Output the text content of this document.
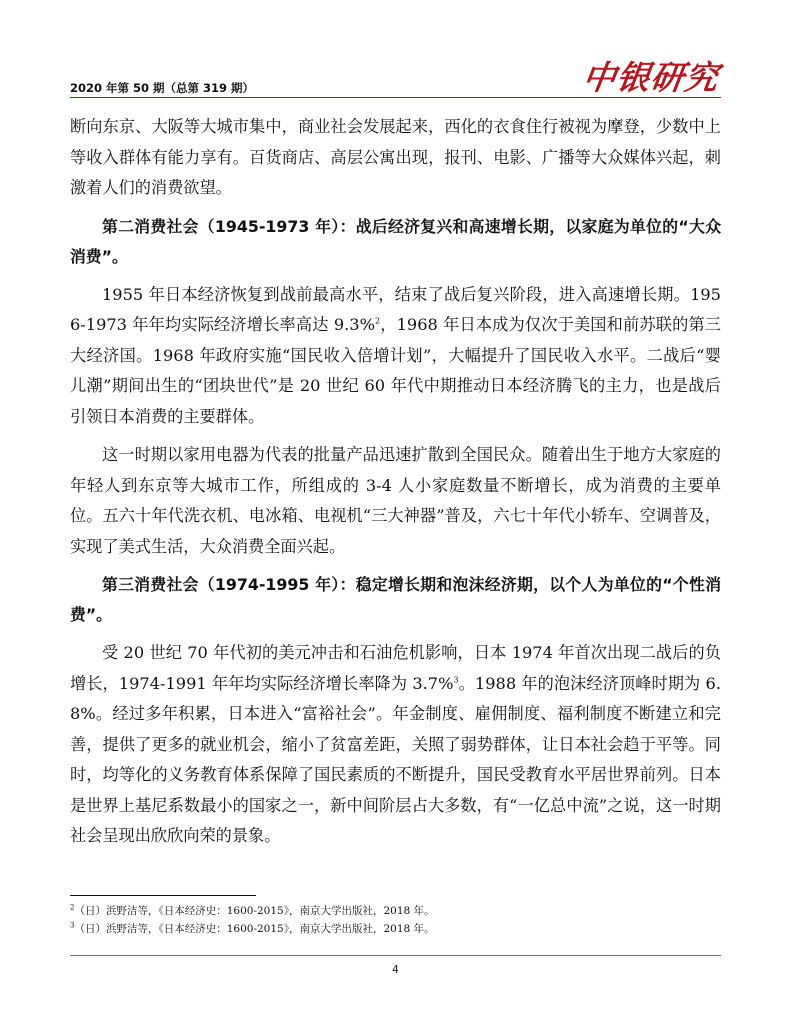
2020 年第 50 期（总第 319 期）	中银研究

断向东京、大阪等大城市集中，商业社会发展起来，西化的衣食住行被视为摩登，少数中上等收入群体有能力享有。百货商店、高层公寓出现，报刊、电影、广播等大众媒体兴起，刺激着人们的消费欲望。

第二消费社会（1945-1973 年）：战后经济复兴和高速增长期，以家庭为单位的“大众消费”。

1955 年日本经济恢复到战前最高水平，结束了战后复兴阶段，进入高速增长期。1956-1973 年年均实际经济增长率高达 9.3%$^2$，1968 年日本成为仅次于美国和前苏联的第三大经济国。1968 年政府实施“国民收入倍增计划”，大幅提升了国民收入水平。二战后“婴儿潮”期间出生的“团块世代”是 20 世纪 60 年代中期推动日本经济腾飞的主力，也是战后引领日本消费的主要群体。

这一时期以家用电器为代表的批量产品迅速扩散到全国民众。随着出生于地方大家庭的年轻人到东京等大城市工作，所组成的 3-4 人小家庭数量不断增长，成为消费的主要单位。五六十年代洗衣机、电冰箱、电视机“三大神器”普及，六七十年代小轿车、空调普及，实现了美式生活，大众消费全面兴起。

第三消费社会（1974-1995 年）：稳定增长期和泡沫经济期，以个人为单位的“个性消费”。

受 20 世纪 70 年代初的美元冲击和石油危机影响，日本 1974 年首次出现二战后的负增长，1974-1991 年年均实际经济增长率降为 3.7%$^3$。1988 年的泡沫经济顶峰时期为 6.8%。经过多年积累，日本进入“富裕社会”。年金制度、雇佣制度、福利制度不断建立和完善，提供了更多的就业机会，缩小了贫富差距，关照了弱势群体，让日本社会趋于平等。同时，均等化的义务教育体系保障了国民素质的不断提升，国民受教育水平居世界前列。日本是世界上基尼系数最小的国家之一，新中间阶层占大多数，有“一亿总中流”之说，这一时期社会呈现出欣欣向荣的景象。

$^2$（日）浜野洁等，《日本经济史：1600-2015》，南京大学出版社，2018 年。

$^3$（日）浜野洁等，《日本经济史：1600-2015》，南京大学出版社，2018 年。

4
